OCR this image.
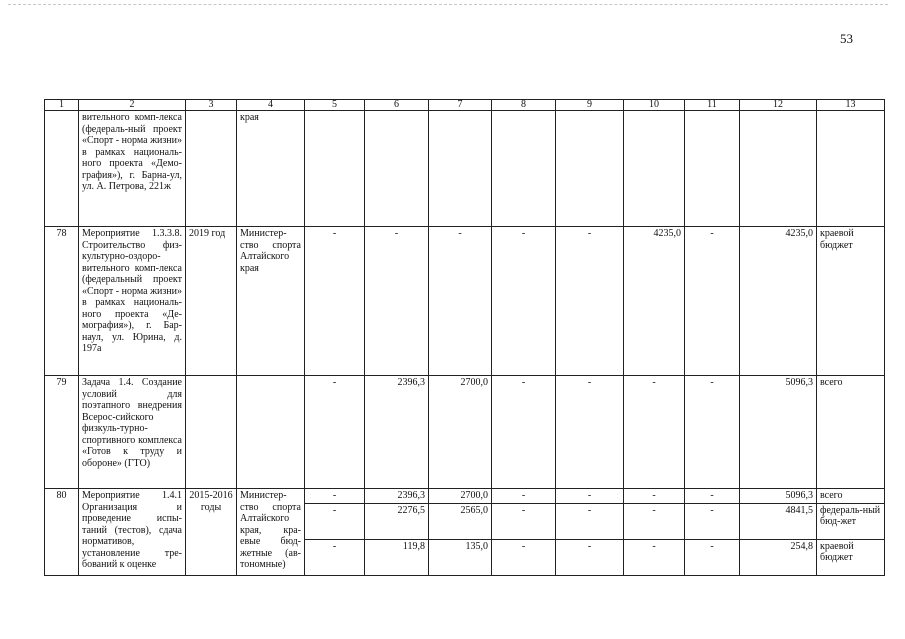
53
1	2	3	4	5	6	7	8	9	10	11	12	13
	вительного комп-лекса (федераль-ный проект «Спорт - норма жизни» в рамках националь-ного проекта «Демо-графия»), г. Барна-ул, ул. А. Петрова, 221ж		края									
78	Мероприятие 1.3.3.8. Строительство физ-культурно-оздоро-вительного комп-лекса (федеральный проект «Спорт - норма жизни» в рамках националь-ного проекта «Де-мография»), г. Бар-наул, ул. Юрина, д. 197а	2019 год	Министер-ство спорта Алтайского края	-	-	-	-	-	4235,0	-	4235,0	краевой бюджет
79	Задача 1.4. Создание условий для поэтапного внедрения Всерос-сийского физкуль-турно-спортивного комплекса «Готов к труду и обороне» (ГТО)			-	2396,3	2700,0	-	-	-	-	5096,3	всего
80	Мероприятие 1.4.1 Организация и проведение испы-таний (тестов), сдача нормативов, установление тре-бований к оценке	2015-2016 годы	Министер-ство спорта Алтайского края, кра-евые бюд-жетные (ав-тономные)	-	2396,3	2700,0	-	-	-	-	5096,3	всего
				-	2276,5	2565,0	-	-	-	-	4841,5	федераль-ный бюд-жет
				-	119,8	135,0	-	-	-	-	254,8	краевой бюджет
